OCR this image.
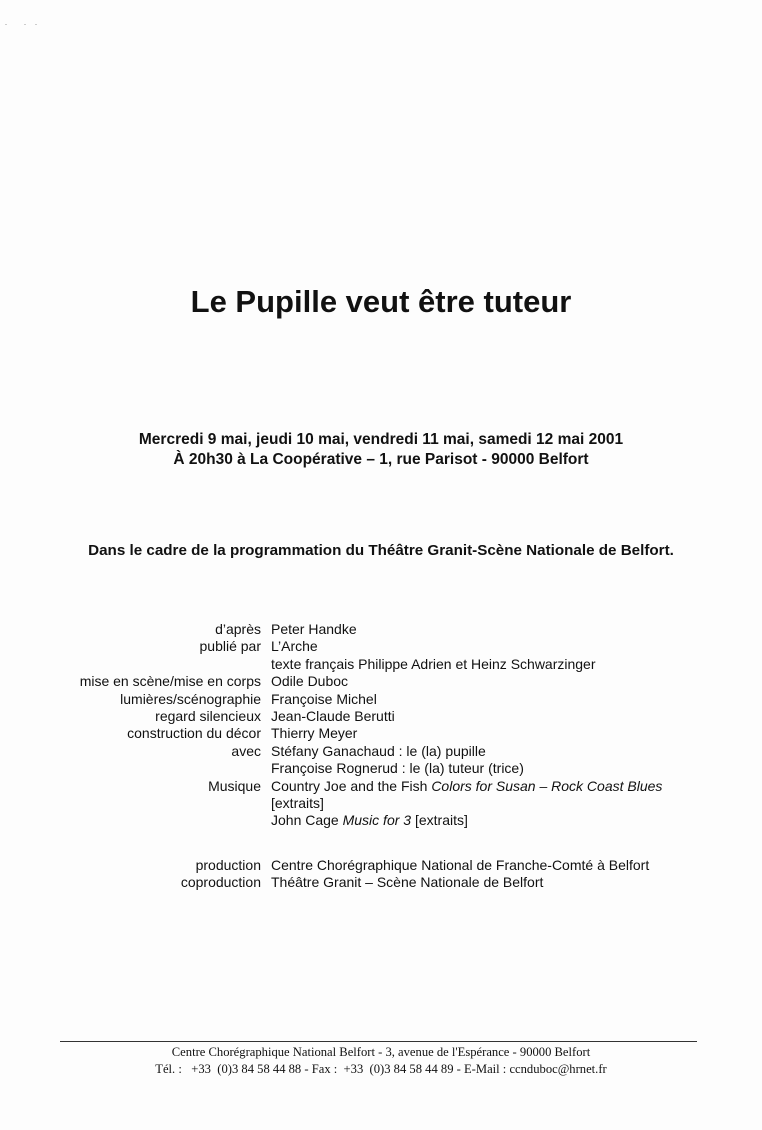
Le Pupille veut être tuteur
Mercredi 9 mai, jeudi 10 mai, vendredi 11 mai, samedi 12 mai 2001
À 20h30 à La Coopérative – 1, rue Parisot - 90000 Belfort
Dans le cadre de la programmation du Théâtre Granit-Scène Nationale de Belfort.
d’après Peter Handke
publié par L’Arche
texte français Philippe Adrien et Heinz Schwarzinger
mise en scène/mise en corps Odile Duboc
lumières/scénographie Françoise Michel
regard silencieux Jean-Claude Berutti
construction du décor Thierry Meyer
avec Stéfany Ganachaud : le (la) pupille
Françoise Rognerud : le (la) tuteur (trice)
Musique Country Joe and the Fish Colors for Susan – Rock Coast Blues
[extraits]
John Cage Music for 3 [extraits]
production Centre Chorégraphique National de Franche-Comté à Belfort
coproduction Théâtre Granit – Scène Nationale de Belfort
Centre Chorégraphique National Belfort - 3, avenue de l'Espérance - 90000 Belfort
Tél. :   +33  (0)3 84 58 44 88 - Fax :  +33  (0)3 84 58 44 89 - E-Mail : ccnduboc@hrnet.fr
